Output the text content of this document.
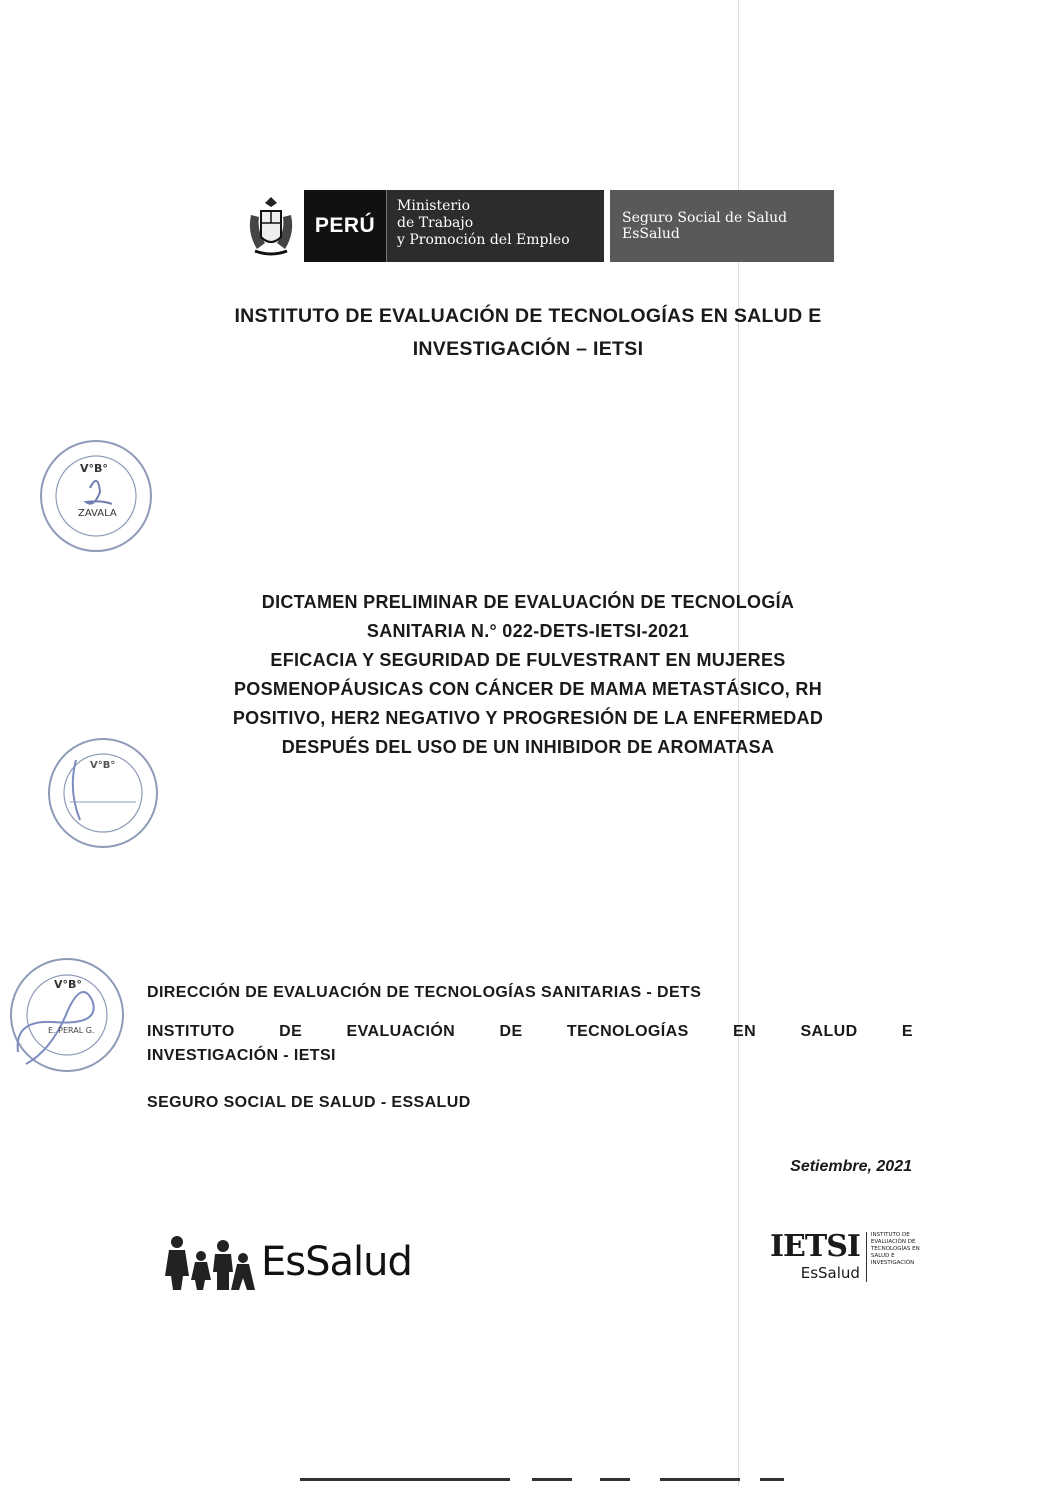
PERÚ
Ministerio
de Trabajo
y Promoción del Empleo
Seguro Social de Salud
EsSalud
INSTITUTO DE EVALUACIÓN DE TECNOLOGÍAS EN SALUD E
INVESTIGACIÓN – IETSI
V°B°
ZAVALA
DICTAMEN PRELIMINAR DE EVALUACIÓN DE TECNOLOGÍA
SANITARIA N.° 022-DETS-IETSI-2021
EFICACIA Y SEGURIDAD DE FULVESTRANT EN MUJERES
POSMENOPÁUSICAS CON CÁNCER DE MAMA METASTÁSICO, RH
POSITIVO, HER2 NEGATIVO Y PROGRESIÓN DE LA ENFERMEDAD
DESPUÉS DEL USO DE UN INHIBIDOR DE AROMATASA
V°B°
V°B°
E. PERAL G.
DIRECCIÓN DE EVALUACIÓN DE TECNOLOGÍAS SANITARIAS - DETS
INSTITUTO	DE	EVALUACIÓN	DE	TECNOLOGÍAS	EN	SALUD	E
INVESTIGACIÓN - IETSI
SEGURO SOCIAL DE SALUD - ESSALUD
Setiembre, 2021
EsSalud	IETSI
EsSalud
INSTITUTO DE EVALUACIÓN DE TECNOLOGÍAS EN SALUD E INVESTIGACIÓN
